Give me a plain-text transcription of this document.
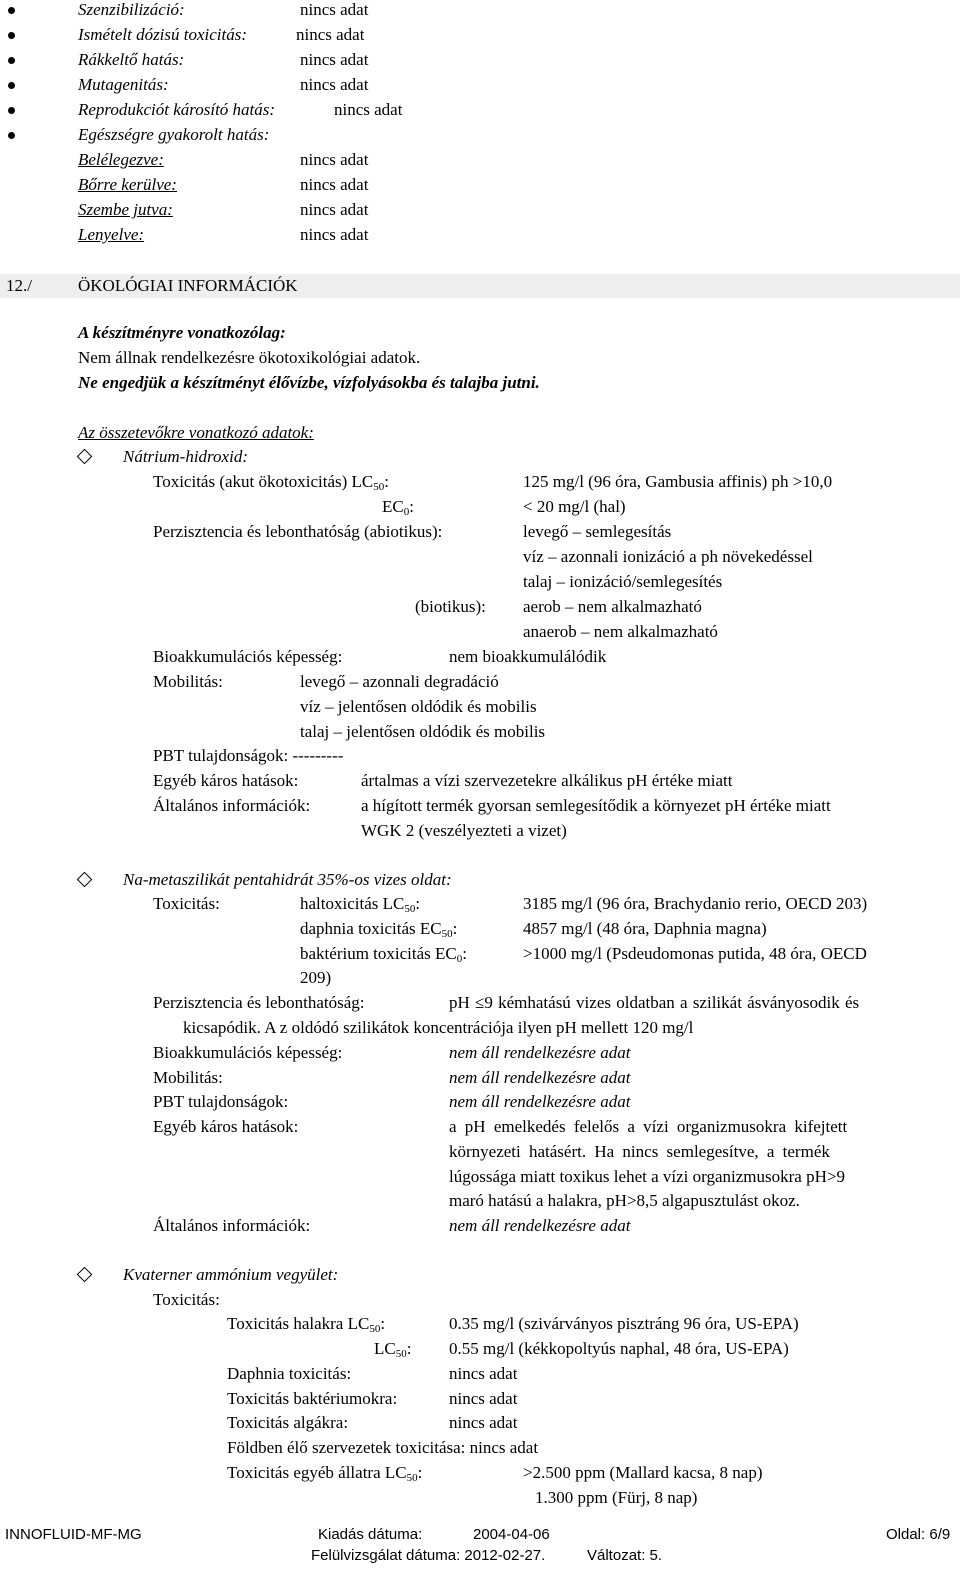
Szenzibilizáció:	nincs adat
Ismételt dózisú toxicitás:	nincs adat
Rákkeltő hatás:	nincs adat
Mutagenitás:	nincs adat
Reprodukciót károsító hatás:	nincs adat
Egészségre gyakorolt hatás:
Belélegezve:	nincs adat
Bőrre kerülve:	nincs adat
Szembe jutva:	nincs adat
Lenyelve:	nincs adat
12./	ÖKOLÓGIAI INFORMÁCIÓK
A készítményre vonatkozólag:
Nem állnak rendelkezésre ökotoxikológiai adatok.
Ne engedjük a készítményt élővízbe, vízfolyásokba és talajba jutni.
Az összetevőkre vonatkozó adatok:
Nátrium-hidroxid:
Toxicitás (akut ökotoxicitás) $LC_{50}$:	125 mg/l (96 óra, Gambusia affinis) ph >10,0
$EC_0$:	< 20 mg/l (hal)
Perzisztencia és lebonthatóság (abiotikus):	levegő – semlegesítás
víz – azonnali ionizáció a ph növekedéssel
talaj – ionizáció/semlegesítés
(biotikus): aerob – nem alkalmazható
anaerob – nem alkalmazható
Bioakkumulációs képesség:	nem bioakkumulálódik
Mobilitás:	levegő – azonnali degradáció
víz – jelentősen oldódik és mobilis
talaj – jelentősen oldódik és mobilis
PBT tulajdonságok: ---------
Egyéb káros hatások:	ártalmas a vízi szervezetekre alkálikus pH értéke miatt
Általános információk:	a hígított termék gyorsan semlegesítődik a környezet pH értéke miatt
WGK 2 (veszélyezteti a vizet)
Na-metaszilikát pentahidrát 35%-os vizes oldat:
Toxicitás:	haltoxicitás $LC_{50}$:	3185 mg/l (96 óra, Brachydanio rerio, OECD 203)
daphnia toxicitás $EC_{50}$:	4857 mg/l (48 óra, Daphnia magna)
baktérium toxicitás $EC_0$:	>1000 mg/l (Psdeudomonas putida, 48 óra, OECD
209)
Perzisztencia és lebonthatóság:	pH ≤9 kémhatású vizes oldatban a szilikát ásványosodik és
kicsapódik. A z oldódó szilikátok koncentrációja ilyen pH mellett 120 mg/l
Bioakkumulációs képesség:	nem áll rendelkezésre adat
Mobilitás:	nem áll rendelkezésre adat
PBT tulajdonságok:	nem áll rendelkezésre adat
Egyéb káros hatások:	a pH emelkedés felelős a vízi organizmusokra kifejtett
környezeti hatásért. Ha nincs semlegesítve, a termék
lúgossága miatt toxikus lehet a vízi organizmusokra pH>9
maró hatású a halakra, pH>8,5 algapusztulást okoz.
Általános információk:	nem áll rendelkezésre adat
Kvaterner ammónium vegyület:
Toxicitás:
Toxicitás halakra $LC_{50}$:	0.35 mg/l (szivárványos pisztráng 96 óra, US-EPA)
$LC_{50}$: 0.55 mg/l (kékkopoltyús naphal, 48 óra, US-EPA)
Daphnia toxicitás:	nincs adat
Toxicitás baktériumokra:	nincs adat
Toxicitás algákra:	nincs adat
Földben élő szervezetek toxicitása: nincs adat
Toxicitás egyéb állatra $LC_{50}$:	>2.500 ppm (Mallard kacsa, 8 nap)
1.300 ppm (Fürj, 8 nap)
INNOFLUID-MF-MG	Kiadás dátuma:	2004-04-06	Oldal: 6/9
Felülvizsgálat dátuma: 2012-02-27.	Változat: 5.
